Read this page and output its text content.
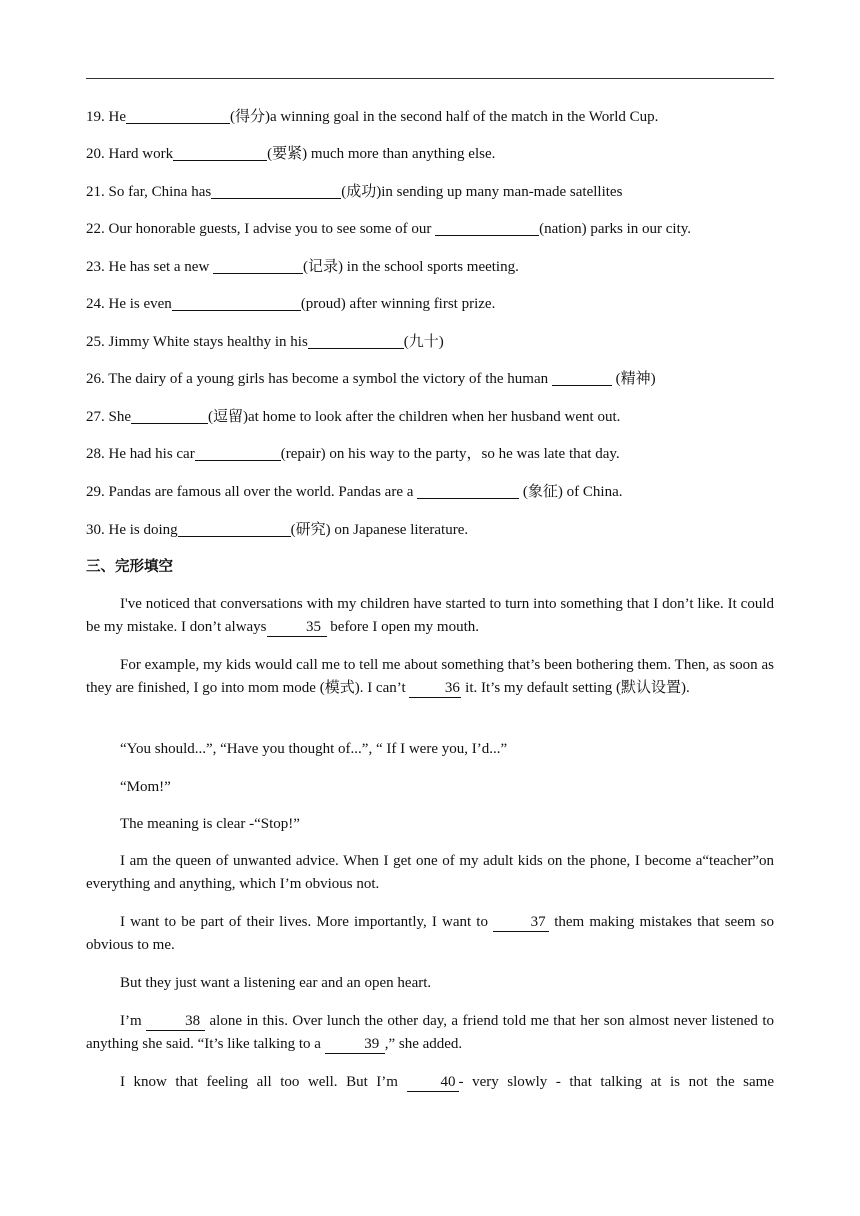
19. He	(得分)a winning goal in the second half of the match in the World Cup.
20. Hard work	(要紧) much more than anything else.
21. So far, China has	(成功)in sending up many man-made satellites
22. Our honorable guests, I advise you to see some of our	(nation) parks in our city.
23. He has set a new	(记录) in the school sports meeting.
24. He is even	(proud) after winning first prize.
25. Jimmy White stays healthy in his	(九十)
26. The dairy of a young girls has become a symbol the victory of the human	(精神)
27. She	(逗留)at home to look after the children when her husband went out.
28. He had his car	(repair) on his way to the party，so he was late that day.
29. Pandas are famous all over the world. Pandas are a	(象征) of China.
30. He is doing	(研究) on Japanese literature.
三、完形填空
I've noticed that conversations with my children have started to turn into something that I don’t like. It could be my mistake. I don’t always	35 before I open my mouth.
For example, my kids would call me to tell me about something that’s been bothering them. Then, as soon as they are finished, I go into mom mode (模式). I can’t 36 it. It’s my default setting (默认设置).
“You should...”, “Have you thought of...”, “ If I were you, I’d...”
“Mom!”
The meaning is clear -“Stop!”
I am the queen of unwanted advice. When I get one of my adult kids on the phone, I become a“teacher”on everything and anything, which I’m obvious not.
I want to be part of their lives. More importantly, I want to	37 them making mistakes that seem so obvious to me.
But they just want a listening ear and an open heart.
I’m	38 alone in this. Over lunch the other day, a friend told me that her son almost never listened to anything she said. “It’s like talking to a	39 ,” she added.
I know that feeling all too well. But I’m 40 - very slowly - that talking at is not the same
